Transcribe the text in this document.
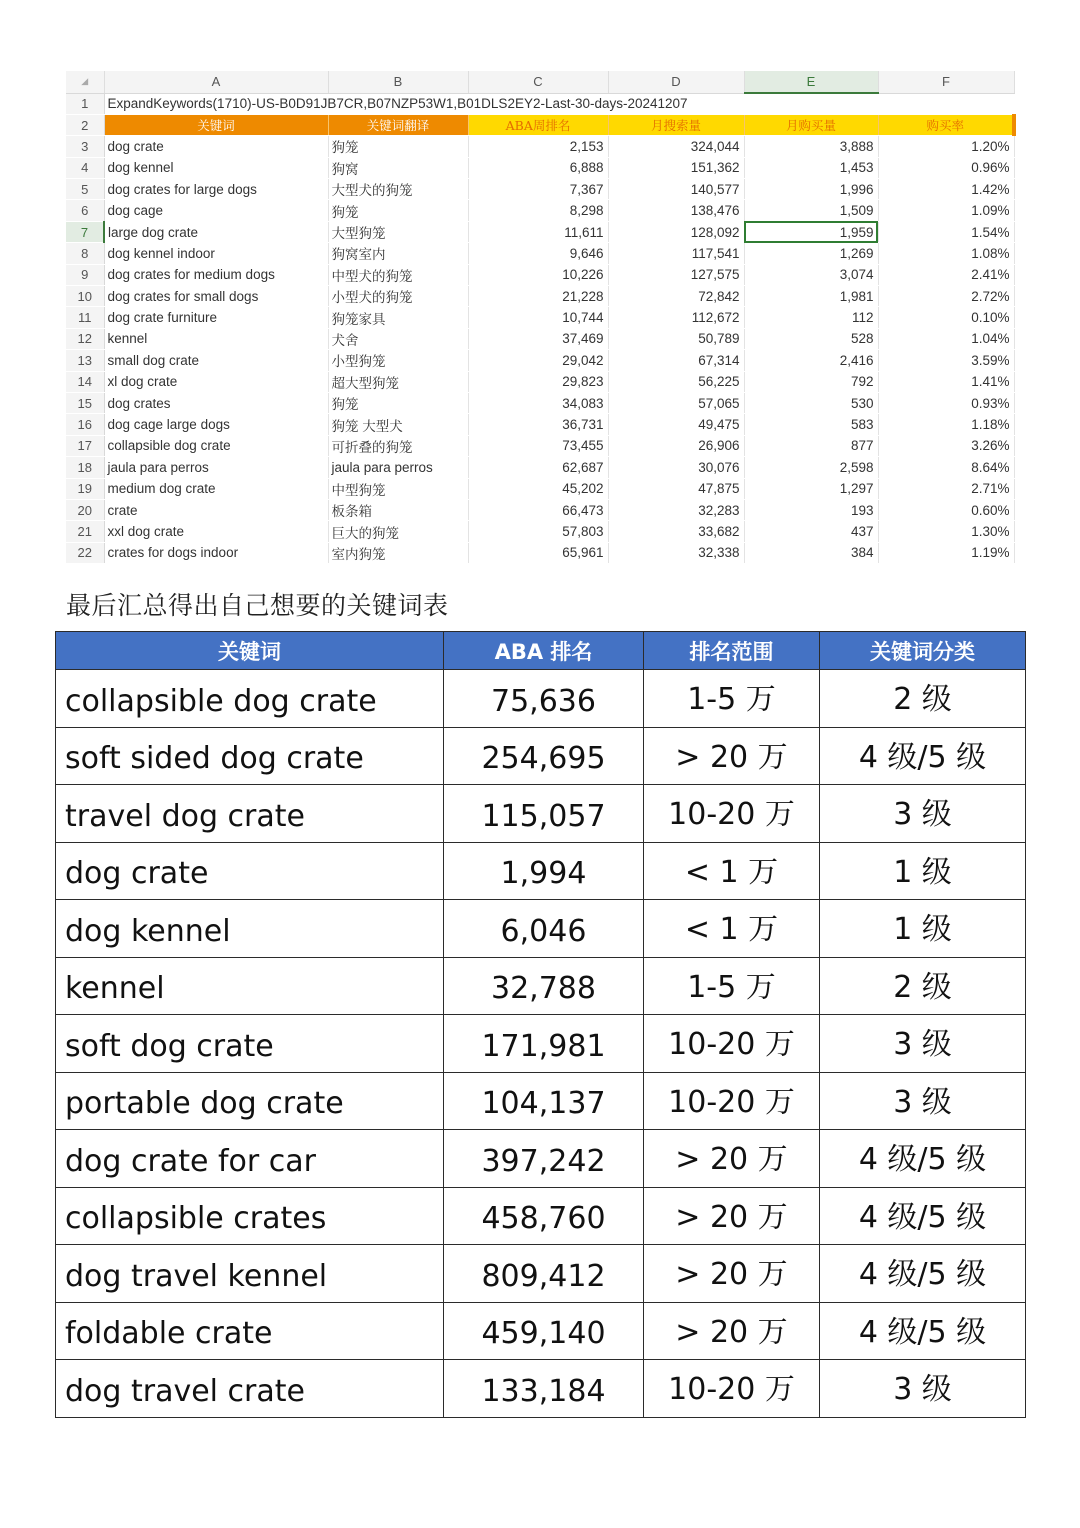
◢	A	B	C	D	E	F
1	ExpandKeywords(1710)-US-B0D91JB7CR,B07NZP53W1,B01DLS2EY2-Last-30-days-20241207					
2	关键词	关键词翻译	ABA周排名	月搜索量	月购买量	购买率
3	dog crate	狗笼	2,153	324,044	3,888	1.20%
4	dog kennel	狗窝	6,888	151,362	1,453	0.96%
5	dog crates for large dogs	大型犬的狗笼	7,367	140,577	1,996	1.42%
6	dog cage	狗笼	8,298	138,476	1,509	1.09%
7	large dog crate	大型狗笼	11,611	128,092	1,959	1.54%
8	dog kennel indoor	狗窝室内	9,646	117,541	1,269	1.08%
9	dog crates for medium dogs	中型犬的狗笼	10,226	127,575	3,074	2.41%
10	dog crates for small dogs	小型犬的狗笼	21,228	72,842	1,981	2.72%
11	dog crate furniture	狗笼家具	10,744	112,672	112	0.10%
12	kennel	犬舍	37,469	50,789	528	1.04%
13	small dog crate	小型狗笼	29,042	67,314	2,416	3.59%
14	xl dog crate	超大型狗笼	29,823	56,225	792	1.41%
15	dog crates	狗笼	34,083	57,065	530	0.93%
16	dog cage large dogs	狗笼 大型犬	36,731	49,475	583	1.18%
17	collapsible dog crate	可折叠的狗笼	73,455	26,906	877	3.26%
18	jaula para perros	jaula para perros	62,687	30,076	2,598	8.64%
19	medium dog crate	中型狗笼	45,202	47,875	1,297	2.71%
20	crate	板条箱	66,473	32,283	193	0.60%
21	xxl dog crate	巨大的狗笼	57,803	33,682	437	1.30%
22	crates for dogs indoor	室内狗笼	65,961	32,338	384	1.19%
最后汇总得出自己想要的关键词表
关键词	ABA 排名	排名范围	关键词分类
collapsible dog crate	75,636	1-5 万	2 级
soft sided dog crate	254,695	> 20 万	4 级/5 级
travel dog crate	115,057	10-20 万	3 级
dog crate	1,994	< 1 万	1 级
dog kennel	6,046	< 1 万	1 级
kennel	32,788	1-5 万	2 级
soft dog crate	171,981	10-20 万	3 级
portable dog crate	104,137	10-20 万	3 级
dog crate for car	397,242	> 20 万	4 级/5 级
collapsible crates	458,760	> 20 万	4 级/5 级
dog travel kennel	809,412	> 20 万	4 级/5 级
foldable crate	459,140	> 20 万	4 级/5 级
dog travel crate	133,184	10-20 万	3 级
